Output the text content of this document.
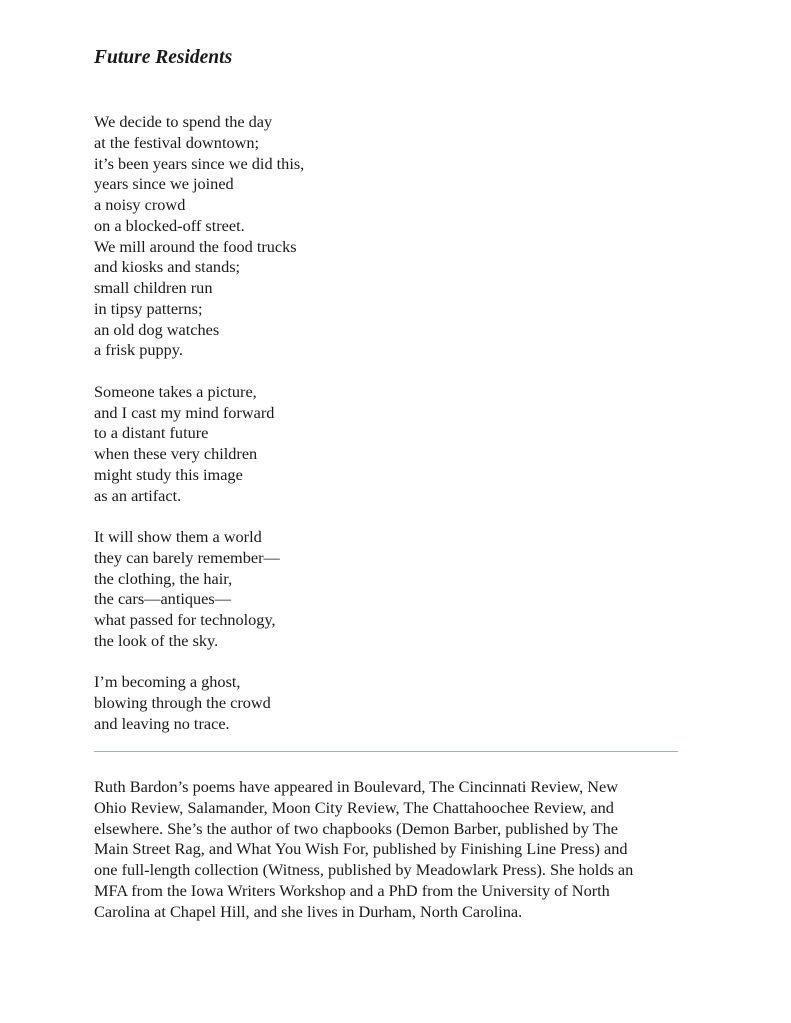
Future Residents
We decide to spend the day
at the festival downtown;
it’s been years since we did this,
years since we joined
a noisy crowd
on a blocked-off street.
We mill around the food trucks
and kiosks and stands;
small children run
in tipsy patterns;
an old dog watches
a frisk puppy.
Someone takes a picture,
and I cast my mind forward
to a distant future
when these very children
might study this image
as an artifact.
It will show them a world
they can barely remember—
the clothing, the hair,
the cars—antiques—
what passed for technology,
the look of the sky.
I’m becoming a ghost,
blowing through the crowd
and leaving no trace.

Ruth Bardon’s poems have appeared in Boulevard, The Cincinnati Review, New
Ohio Review, Salamander, Moon City Review, The Chattahoochee Review, and
elsewhere. She’s the author of two chapbooks (Demon Barber, published by The
Main Street Rag, and What You Wish For, published by Finishing Line Press) and
one full-length collection (Witness, published by Meadowlark Press). She holds an
MFA from the Iowa Writers Workshop and a PhD from the University of North
Carolina at Chapel Hill, and she lives in Durham, North Carolina.
